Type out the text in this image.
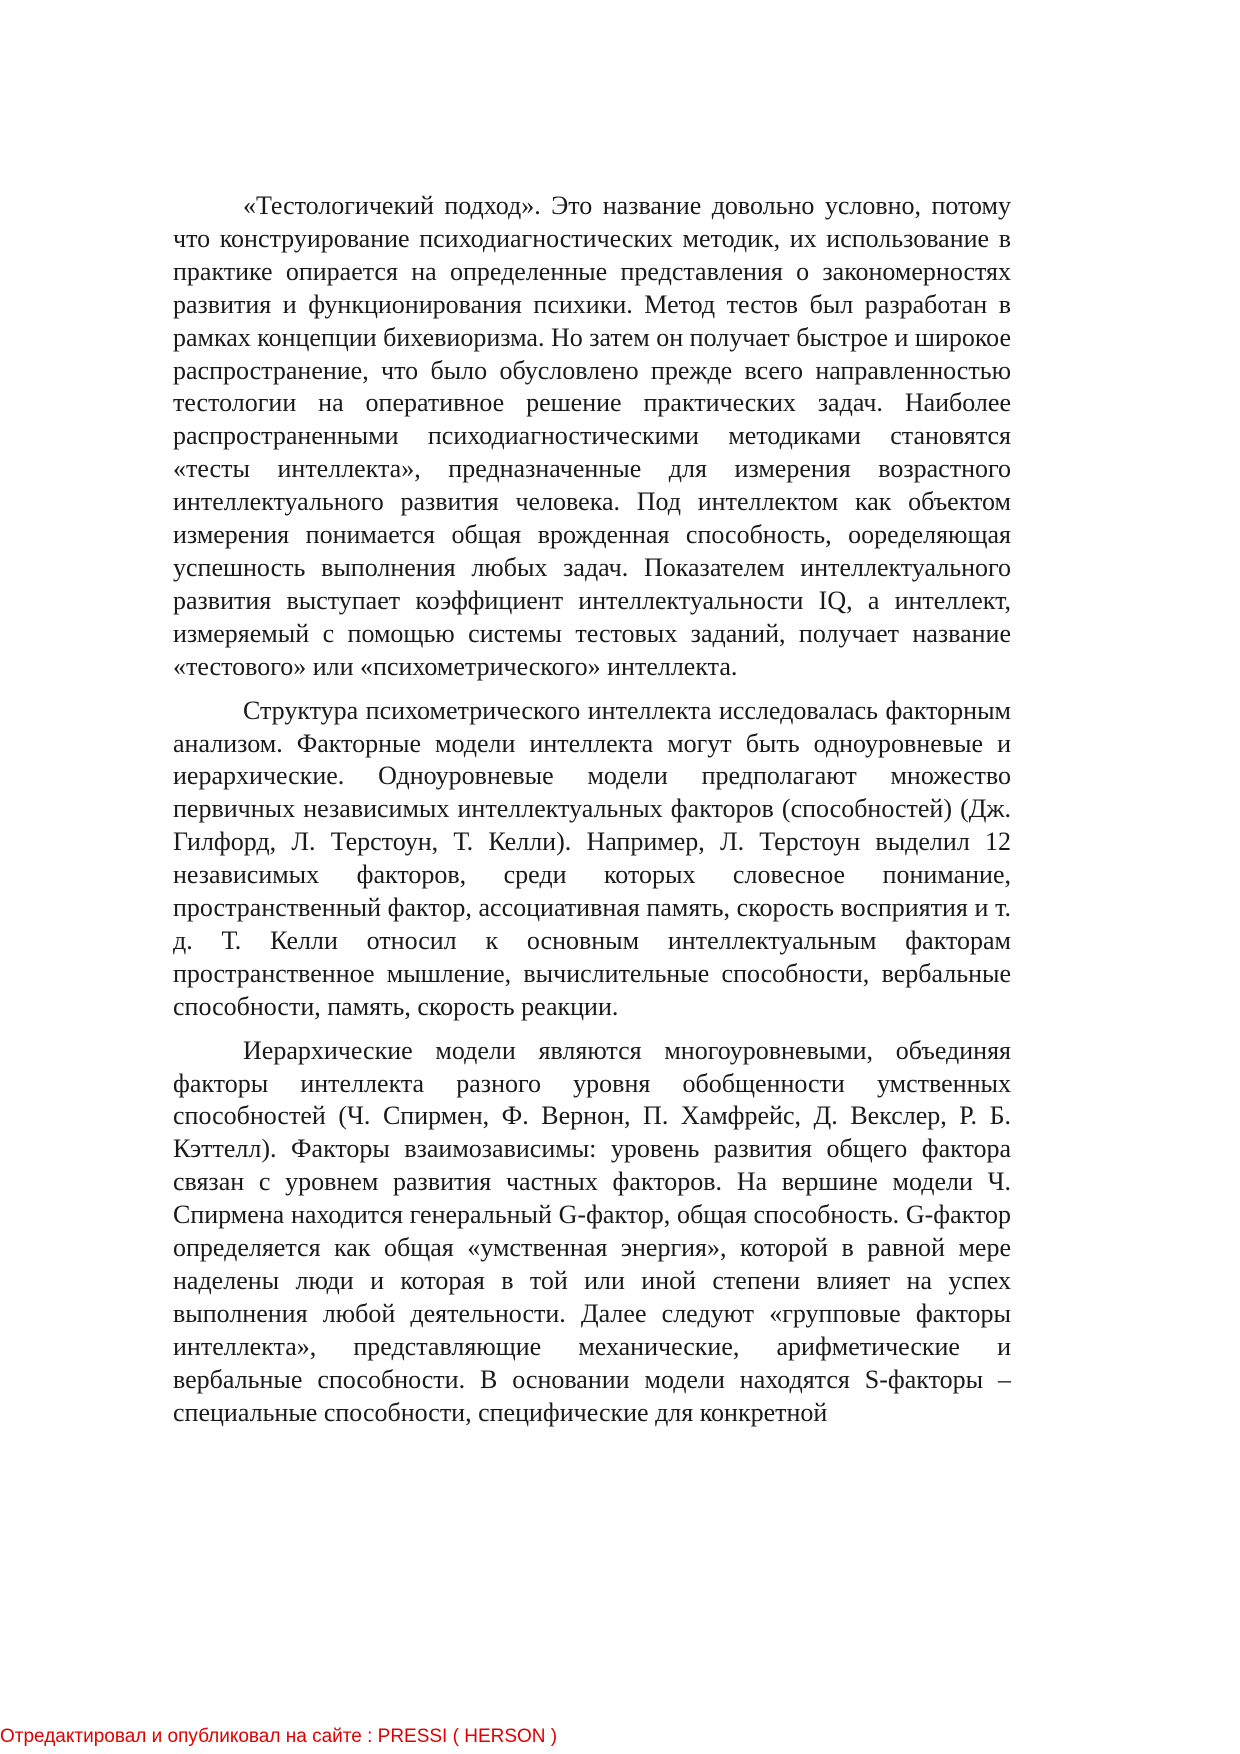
«Тестологичекий подход». Это название довольно условно, потому что конструирование психодиагностических методик, их использование в практике опирается на определенные представления о закономерностях развития и функционирования психики. Метод тестов был разработан в рамках концепции бихевиоризма. Но затем он получает быстрое и широкое распространение, что было обусловлено прежде всего направленностью тестологии на оперативное решение практических задач. Наиболее распространенными психодиагностическими методиками становятся «тесты интеллекта», предназначенные для измерения возрастного интеллектуального развития человека. Под интеллектом как объектом измерения понимается общая врожденная способность, ооределяющая успешность выполнения любых задач. Показателем интеллектуального развития выступает коэффициент интеллектуальности IQ, а интеллект, измеряемый с помощью системы тестовых заданий, получает название «тестового» или «психометрического» интеллекта.

Структура психометрического интеллекта исследовалась факторным анализом. Факторные модели интеллекта могут быть одноуровневые и иерархические. Одноуровневые модели предполагают множество первичных независимых интеллектуальных факторов (способностей) (Дж. Гилфорд, Л. Терстоун, Т. Келли). Например, Л. Терстоун выделил 12 независимых факторов, среди которых словесное понимание, пространственный фактор, ассоциативная память, скорость восприятия и т. д. Т. Келли относил к основным интеллектуальным факторам пространственное мышление, вычислительные способности, вербальные способности, память, скорость реакции.

Иерархические модели являются многоуровневыми, объединяя факторы интеллекта разного уровня обобщенности умственных способностей (Ч. Спирмен, Ф. Вернон, П. Хамфрейс, Д. Векслер, Р. Б. Кэттелл). Факторы взаимозависимы: уровень развития общего фактора связан с уровнем развития частных факторов. На вершине модели Ч. Спирмена находится генеральный G-фактор, общая способность. G-фактор определяется как общая «умственная энергия», которой в равной мере наделены люди и которая в той или иной степени влияет на успех выполнения любой деятельности. Далее следуют «групповые факторы интеллекта», представляющие механические, арифметические и вербальные способности. В основании модели находятся S-факторы – специальные способности, специфические для конкретной

Отредактировал и опубликовал на сайте : PRESSI ( HERSON )
